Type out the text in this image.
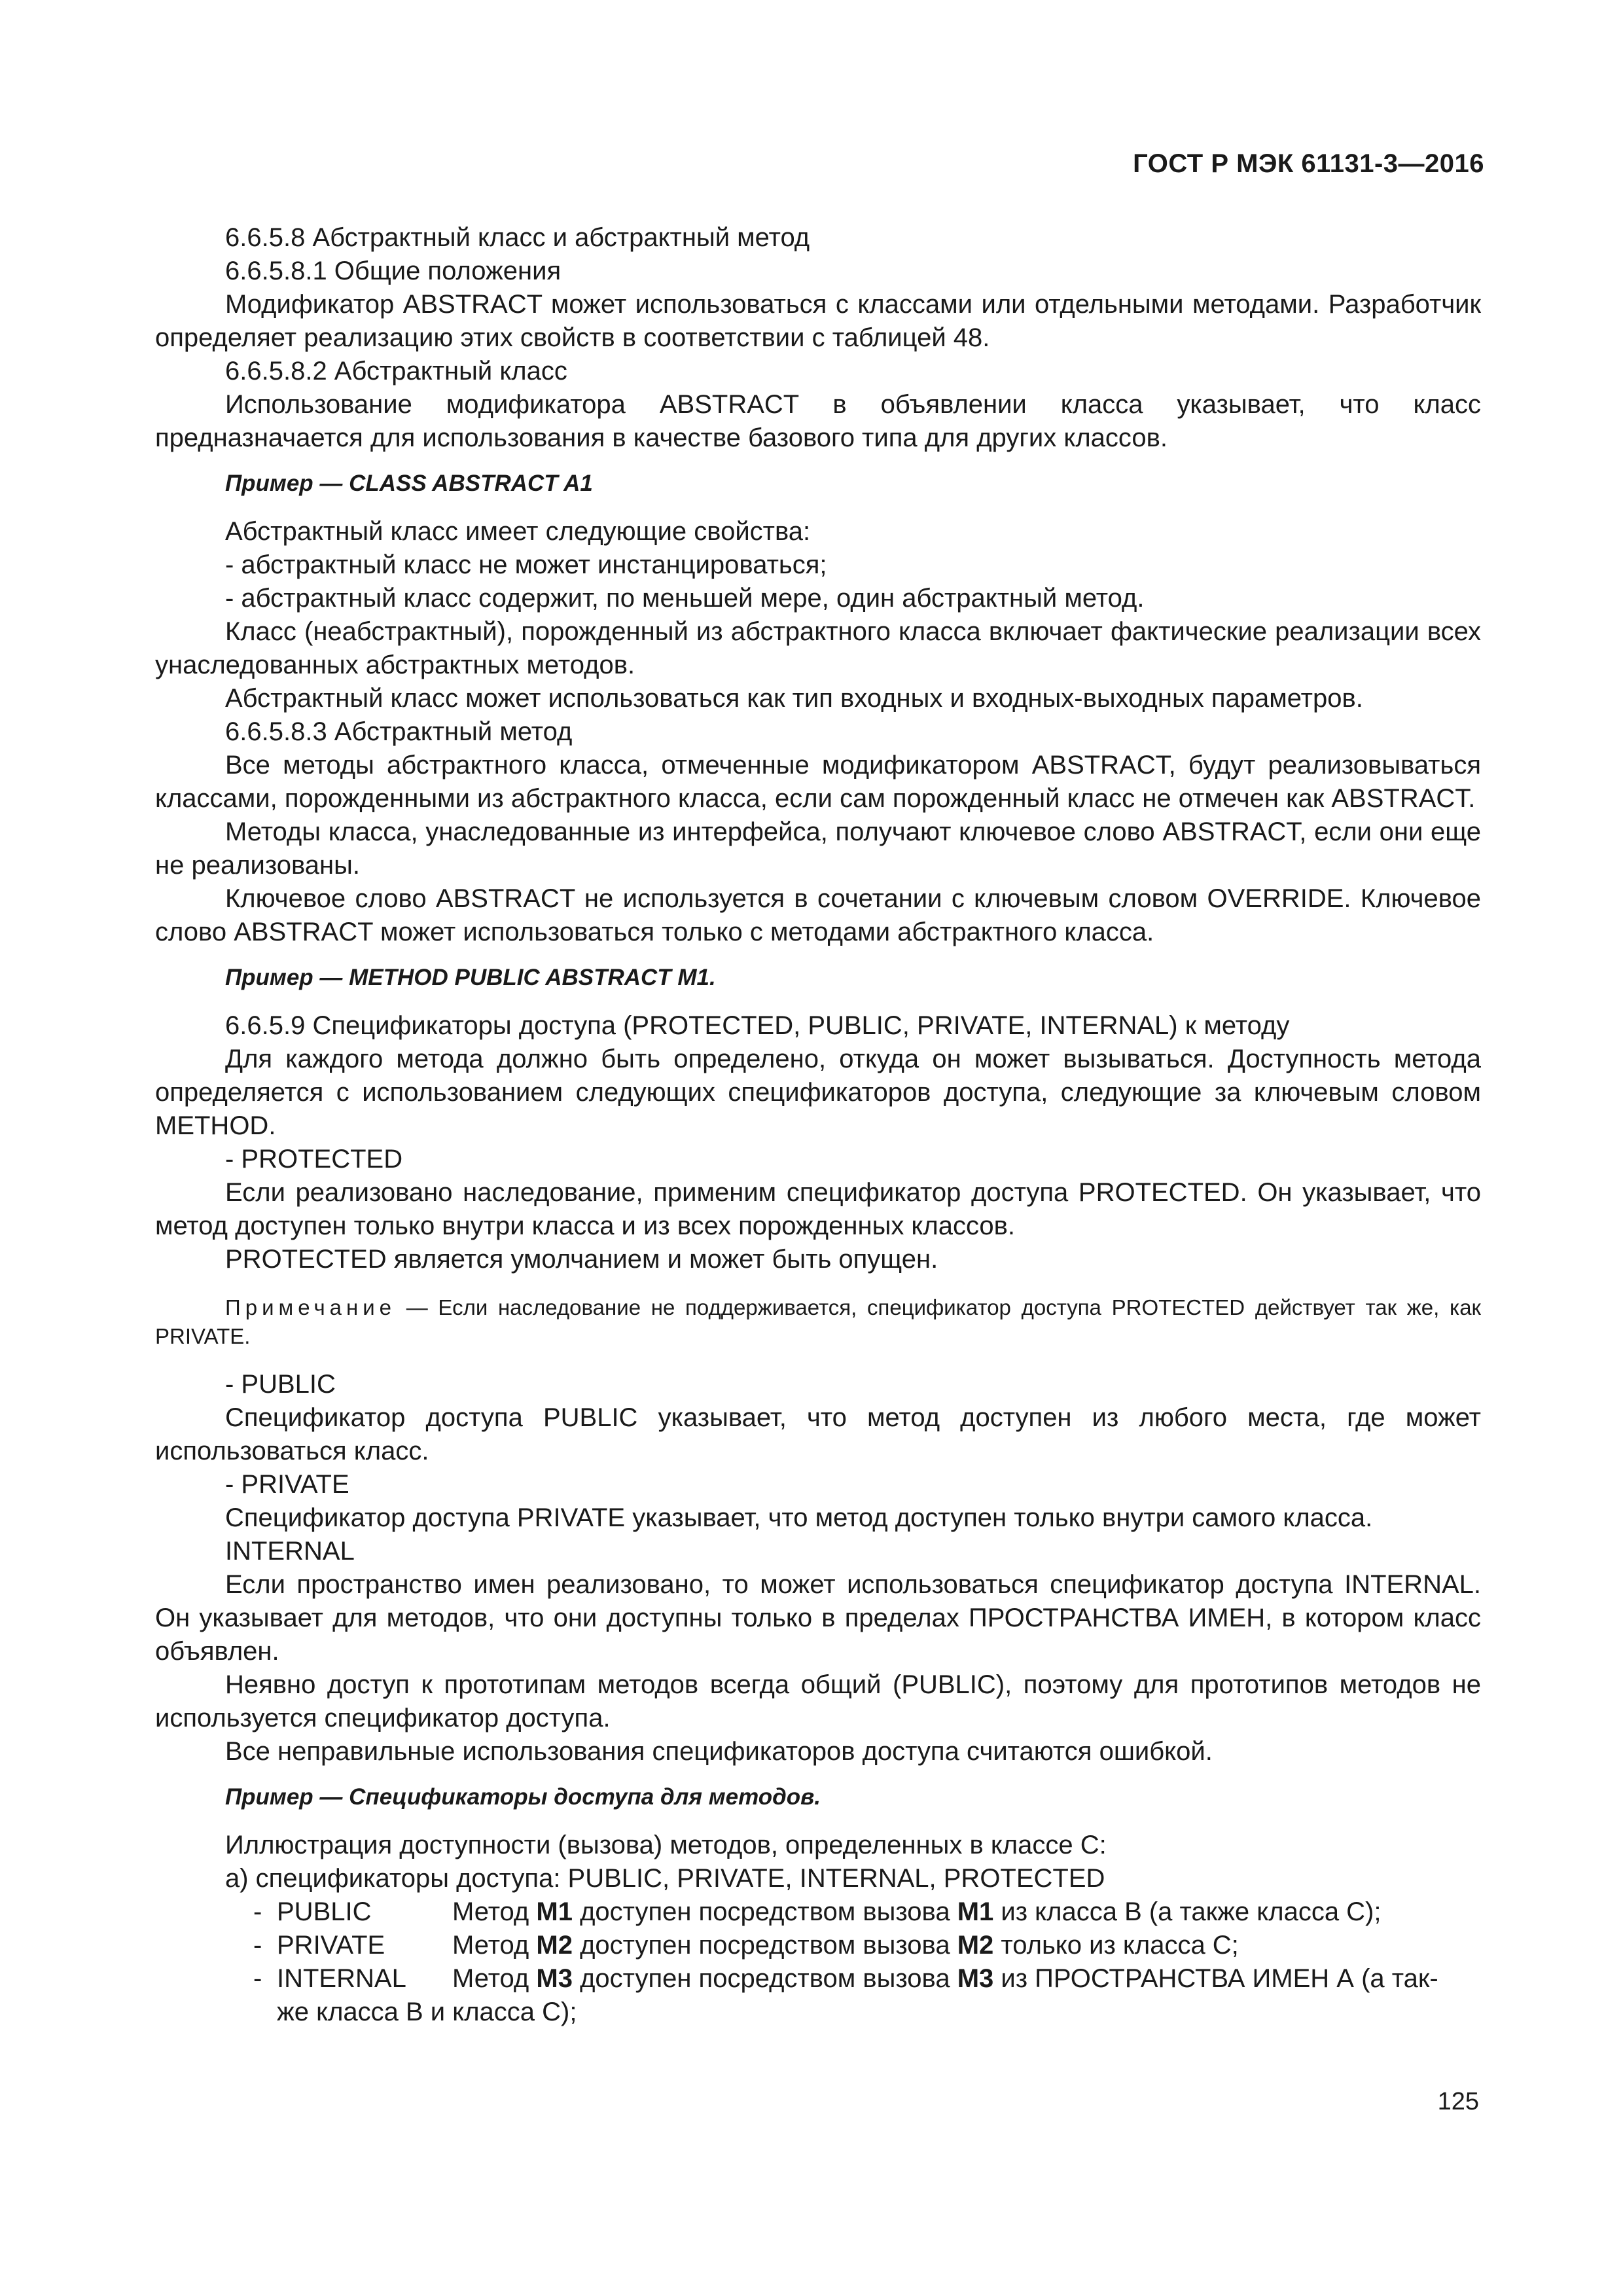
ГОСТ Р МЭК 61131-3—2016

6.6.5.8 Абстрактный класс и абстрактный метод

6.6.5.8.1 Общие положения

Модификатор ABSTRACT может использоваться с классами или отдельными методами. Разработчик определяет реализацию этих свойств в соответствии с таблицей 48.

6.6.5.8.2 Абстрактный класс

Использование модификатора ABSTRACT в объявлении класса указывает, что класс предназначается для использования в качестве базового типа для других классов.

Пример — CLASS ABSTRACT A1

Абстрактный класс имеет следующие свойства:

- абстрактный класс не может инстанцироваться;

- абстрактный класс содержит, по меньшей мере, один абстрактный метод.

Класс (неабстрактный), порожденный из абстрактного класса включает фактические реализации всех унаследованных абстрактных методов.

Абстрактный класс может использоваться как тип входных и входных-выходных параметров.

6.6.5.8.3 Абстрактный метод

Все методы абстрактного класса, отмеченные модификатором ABSTRACT, будут реализовываться классами, порожденными из абстрактного класса, если сам порожденный класс не отмечен как ABSTRACT.

Методы класса, унаследованные из интерфейса, получают ключевое слово ABSTRACT, если они еще не реализованы.

Ключевое слово ABSTRACT не используется в сочетании с ключевым словом OVERRIDE. Ключевое слово ABSTRACT может использоваться только с методами абстрактного класса.

Пример — METHOD PUBLIC ABSTRACT M1.

6.6.5.9 Спецификаторы доступа (PROTECTED, PUBLIC, PRIVATE, INTERNAL) к методу

Для каждого метода должно быть определено, откуда он может вызываться. Доступность метода определяется с использованием следующих спецификаторов доступа, следующие за ключевым словом METHOD.

- PROTECTED

Если реализовано наследование, применим спецификатор доступа PROTECTED. Он указывает, что метод доступен только внутри класса и из всех порожденных классов.

PROTECTED является умолчанием и может быть опущен.

Примечание — Если наследование не поддерживается, спецификатор доступа PROTECTED действует так же, как PRIVATE.

- PUBLIC

Спецификатор доступа PUBLIC указывает, что метод доступен из любого места, где может использоваться класс.

- PRIVATE

Спецификатор доступа PRIVATE указывает, что метод доступен только внутри самого класса.

INTERNAL

Если пространство имен реализовано, то может использоваться спецификатор доступа INTERNAL. Он указывает для методов, что они доступны только в пределах ПРОСТРАНСТВА ИМЕН, в котором класс объявлен.

Неявно доступ к прототипам методов всегда общий (PUBLIC), поэтому для прототипов методов не используется спецификатор доступа.

Все неправильные использования спецификаторов доступа считаются ошибкой.

Пример — Спецификаторы доступа для методов.

Иллюстрация доступности (вызова) методов, определенных в классе С:

а) спецификаторы доступа: PUBLIC, PRIVATE, INTERNAL, PROTECTED

- PUBLIC	Метод M1 доступен посредством вызова M1 из класса В (а также класса С);
- PRIVATE	Метод M2 доступен посредством вызова M2 только из класса С;
- INTERNAL	Метод M3 доступен посредством вызова M3 из ПРОСТРАНСТВА ИМЕН А (а так-

же класса В и класса С);

125
